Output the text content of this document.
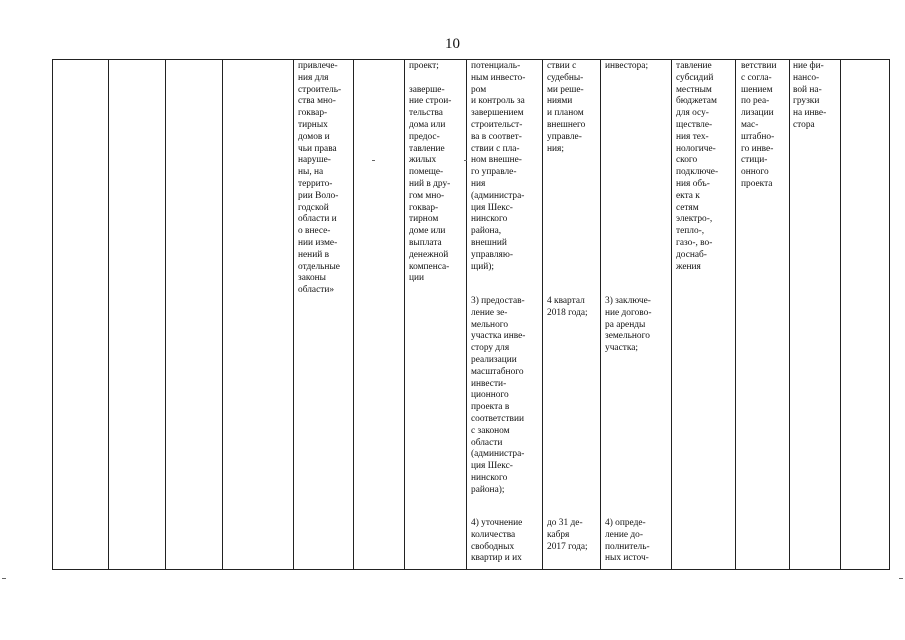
10
привлече-
ния для
строитель-
ства мно-
гоквар-
тирных
домов и
чьи права
наруше-
ны, на
террито-
рии Воло-
годской
области и
о внесе-
нии изме-
нений в
отдельные
законы
области»
проект;

заверше-
ние строи-
тельства
дома или
предос-
тавление
жилых
помеще-
ний в дру-
гом мно-
гоквар-
тирном
доме или
выплата
денежной
компенса-
ции
потенциаль-
ным инвесто-
ром
и контроль за
завершением
строительст-
ва в соответ-
ствии с пла-
ном внешне-
го управле-
ния
(администра-
ция Шекс-
нинского
района,
внешний
управляю-
щий);
3) предостав-
ление зе-
мельного
участка инве-
стору для
реализации
масштабного
инвести-
ционного
проекта в
соответствии
с законом
области
(администра-
ция Шекс-
нинского
района);
4) уточнение
количества
свободных
квартир и их
ствии с
судебны-
ми реше-
ниями
и планом
внешнего
управле-
ния;
4 квартал
2018 года;
до 31 де-
кабря
2017 года;
инвестора;
3) заключе-
ние догово-
ра аренды
земельного
участка;
4) опреде-
ление до-
полнитель-
ных источ-
тавление
субсидий
местным
бюджетам
для осу-
ществле-
ния тех-
нологиче-
ского
подключе-
ния объ-
екта к
сетям
электро-,
тепло-,
газо-, во-
доснаб-
жения
ветствии
с согла-
шением
по реа-
лизации
мас-
штабно-
го инве-
стици-
онного
проекта
ние фи-
нансо-
вой на-
грузки
на инве-
стора
